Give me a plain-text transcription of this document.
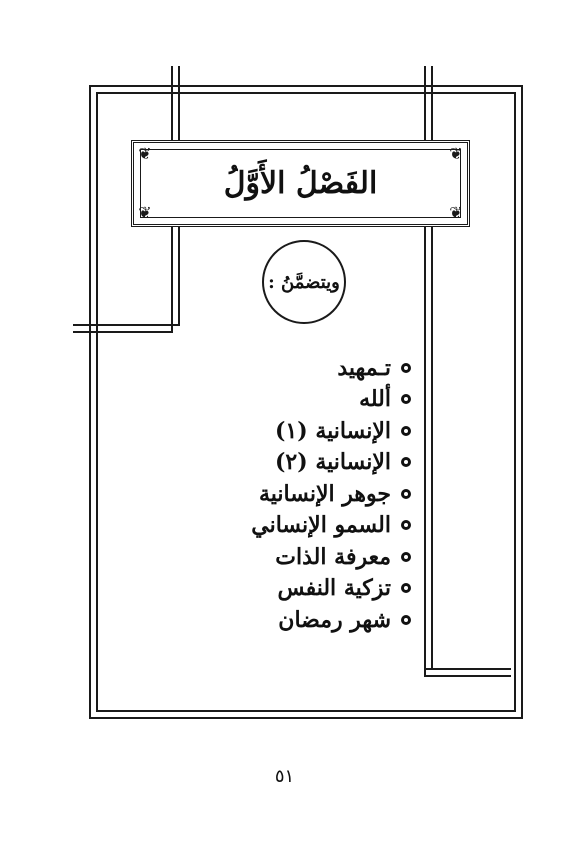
❦	❦
❦	❦
الفَصْلُ الأَوَّلُ
ويتضمَّنُ :
تـمهيد
ألله
الإنسانية (١)
الإنسانية (٢)
جوهر الإنسانية
السمو الإنساني
معرفة الذات
تزكية النفس
شهر رمضان
٥١
